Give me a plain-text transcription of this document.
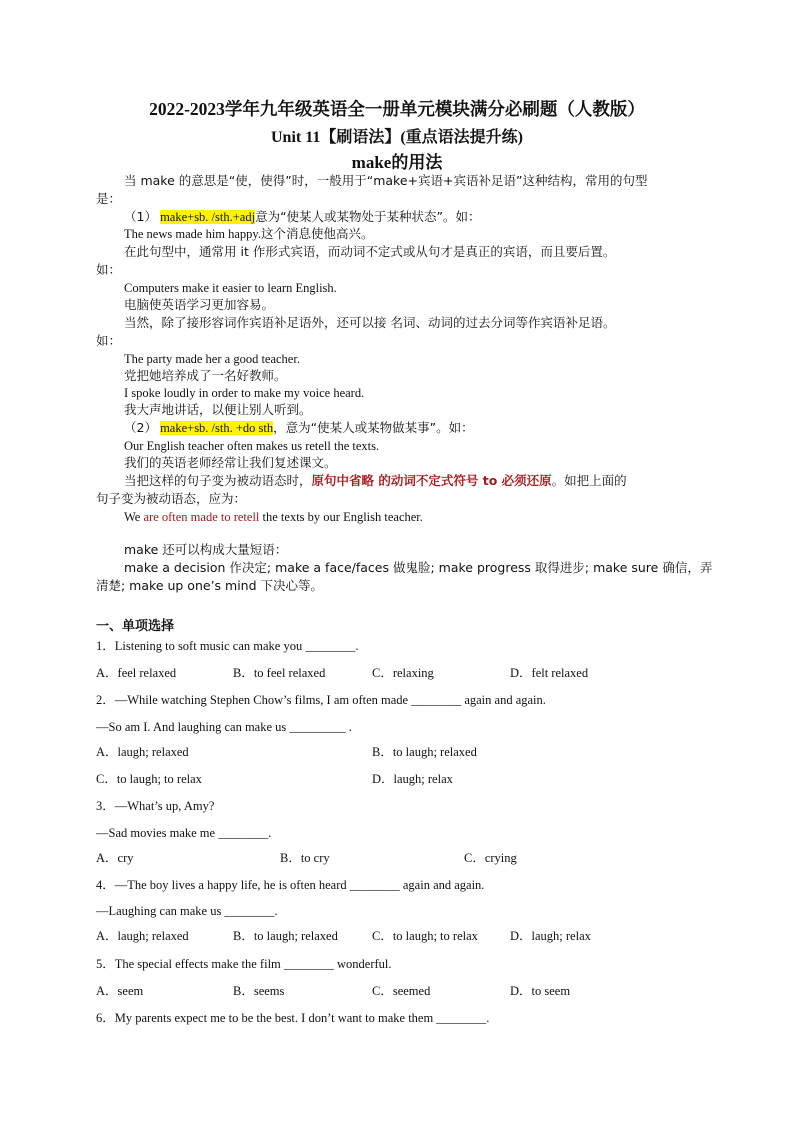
2022-2023学年九年级英语全一册单元模块满分必刷题（人教版）
Unit 11【刷语法】(重点语法提升练)
make的用法
当 make 的意思是“使，使得”时，一般用于“make+宾语+宾语补足语”这种结构，常用的句型
是：
（1） make+sb. /sth.+adj意为“使某人或某物处于某种状态”。如：
The news made him happy.这个消息使他高兴。
在此句型中，通常用 it 作形式宾语，而动词不定式或从句才是真正的宾语，而且要后置。
如：
Computers make it easier to learn English.
电脑使英语学习更加容易。
当然，除了接形容词作宾语补足语外，还可以接 名词、动词的过去分词等作宾语补足语。
如：
The party made her a good teacher.
党把她培养成了一名好教师。
I spoke loudly in order to make my voice heard.
我大声地讲话，以便让别人听到。
（2） make+sb. /sth. +do sth，意为“使某人或某物做某事”。如：
Our English teacher often makes us retell the texts.
我们的英语老师经常让我们复述课文。
当把这样的句子变为被动语态时，原句中省略 的动词不定式符号 to 必须还原。如把上面的
句子变为被动语态，应为：
We are often made to retell the texts by our English teacher.
make 还可以构成大量短语：
make a decision 作决定; make a face/faces 做鬼脸; make progress 取得进步; make sure 确信，弄
清楚; make up one’s mind 下决心等。
一、单项选择
1．Listening to soft music can make you ________.
A．feel relaxed	B．to feel relaxed	C．relaxing	D．felt relaxed
2．—While watching Stephen Chow’s films, I am often made ________ again and again.
—So am I. And laughing can make us _________ .
A．laugh; relaxed	B．to laugh; relaxed
C．to laugh; to relax	D．laugh; relax
3．—What’s up, Amy?
—Sad movies make me ________.
A．cry	B．to cry	C．crying
4．—The boy lives a happy life, he is often heard ________ again and again.
—Laughing can make us ________.
A．laugh; relaxed	B．to laugh; relaxed	C．to laugh; to relax	D．laugh; relax
5．The special effects make the film ________ wonderful.
A．seem	B．seems	C．seemed	D．to seem
6．My parents expect me to be the best. I don’t want to make them ________.
